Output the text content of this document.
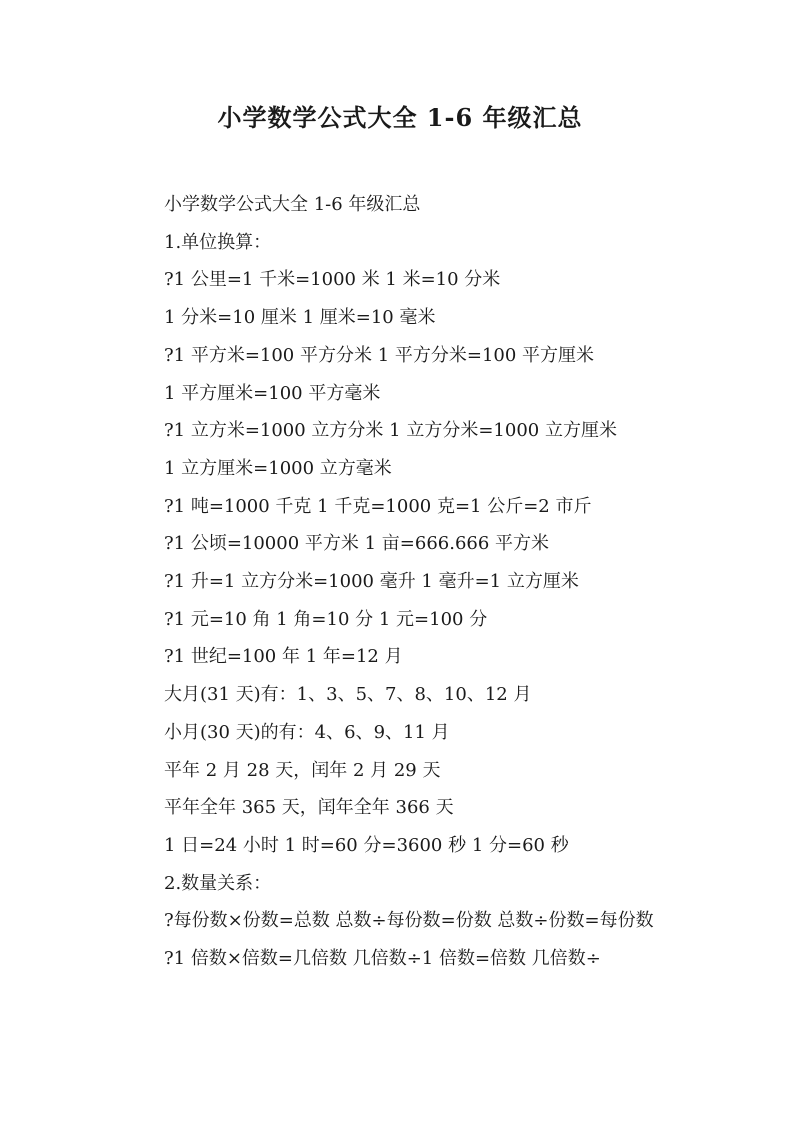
小学数学公式大全 1-6 年级汇总

小学数学公式大全 1-6 年级汇总

1.单位换算：

?1 公里=1 千米=1000 米 1 米=10 分米

1 分米=10 厘米 1 厘米=10 毫米

?1 平方米=100 平方分米 1 平方分米=100 平方厘米

1 平方厘米=100 平方毫米

?1 立方米=1000 立方分米 1 立方分米=1000 立方厘米

1 立方厘米=1000 立方毫米

?1 吨=1000 千克 1 千克=1000 克=1 公斤=2 市斤

?1 公顷=10000 平方米 1 亩=666.666 平方米

?1 升=1 立方分米=1000 毫升 1 毫升=1 立方厘米

?1 元=10 角 1 角=10 分 1 元=100 分

?1 世纪=100 年 1 年=12 月

大月(31 天)有：1、3、5、7、8、10、12 月

小月(30 天)的有：4、6、9、11 月

平年 2 月 28 天，闰年 2 月 29 天

平年全年 365 天，闰年全年 366 天

1 日=24 小时 1 时=60 分=3600 秒 1 分=60 秒

2.数量关系：

?每份数×份数=总数 总数÷每份数=份数 总数÷份数=每份数

?1 倍数×倍数=几倍数 几倍数÷1 倍数=倍数 几倍数÷
